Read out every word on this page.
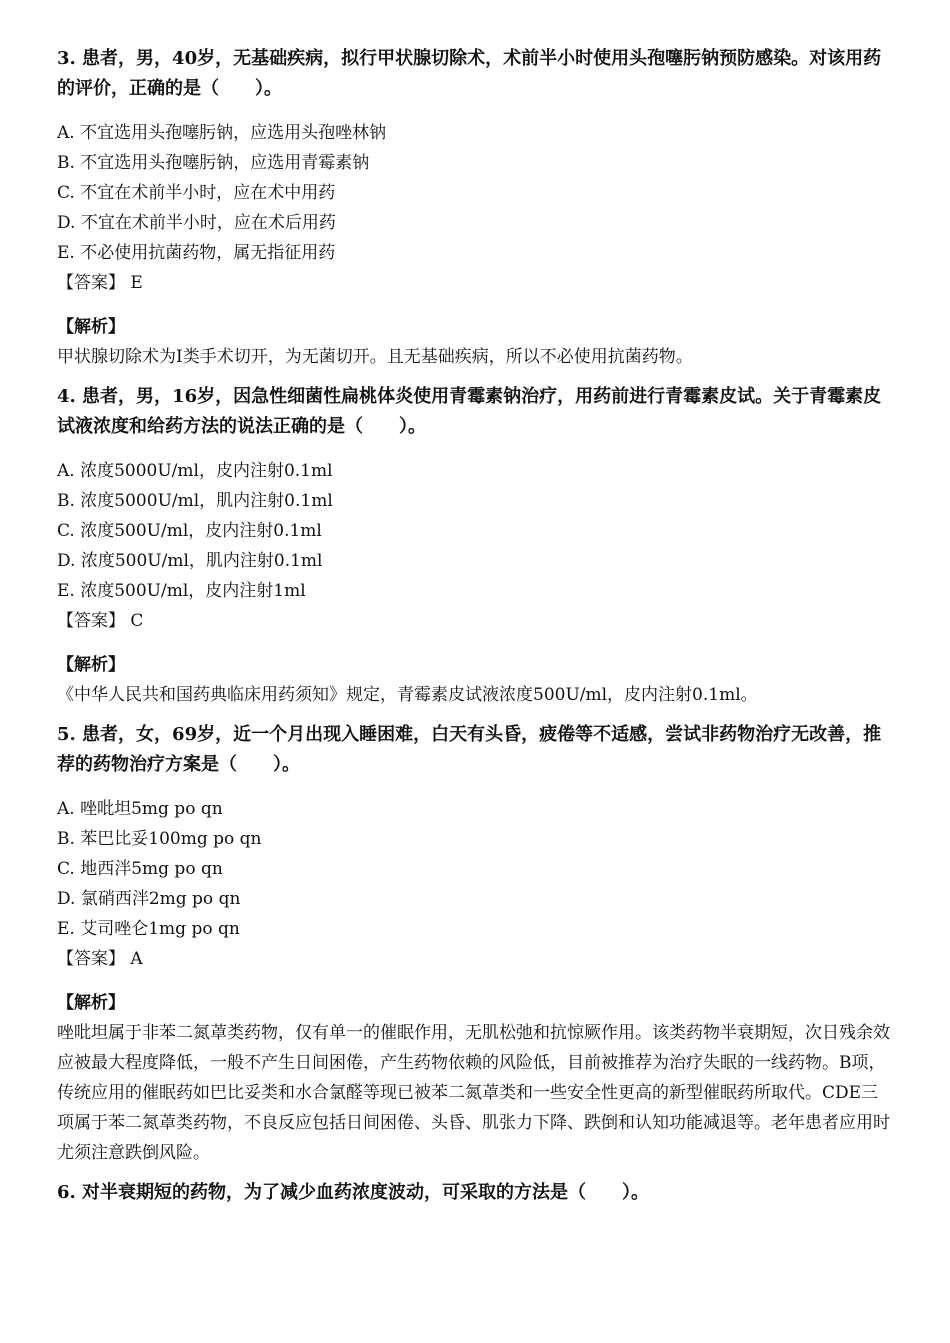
3. 患者，男，40岁，无基础疾病，拟行甲状腺切除术，术前半小时使用头孢噻肟钠预防感染。对该用药的评价，正确的是（　　）。

A. 不宜选用头孢噻肟钠，应选用头孢唑林钠

B. 不宜选用头孢噻肟钠，应选用青霉素钠

C. 不宜在术前半小时，应在术中用药

D. 不宜在术前半小时，应在术后用药

E. 不必使用抗菌药物，属无指征用药

【答案】 E

【解析】

甲状腺切除术为I类手术切开，为无菌切开。且无基础疾病，所以不必使用抗菌药物。

4. 患者，男，16岁，因急性细菌性扁桃体炎使用青霉素钠治疗，用药前进行青霉素皮试。关于青霉素皮试液浓度和给药方法的说法正确的是（　　）。

A. 浓度5000U/ml，皮内注射0.1ml

B. 浓度5000U/ml，肌内注射0.1ml

C. 浓度500U/ml，皮内注射0.1ml

D. 浓度500U/ml，肌内注射0.1ml

E. 浓度500U/ml，皮内注射1ml

【答案】 C

【解析】

《中华人民共和国药典临床用药须知》规定，青霉素皮试液浓度500U/ml，皮内注射0.1ml。

5. 患者，女，69岁，近一个月出现入睡困难，白天有头昏，疲倦等不适感，尝试非药物治疗无改善，推荐的药物治疗方案是（　　）。

A. 唑吡坦5mg po qn

B. 苯巴比妥100mg po qn

C. 地西泮5mg po qn

D. 氯硝西泮2mg po qn

E. 艾司唑仑1mg po qn

【答案】 A

【解析】

唑吡坦属于非苯二氮䓬类药物，仅有单一的催眠作用，无肌松弛和抗惊厥作用。该类药物半衰期短，次日残余效应被最大程度降低，一般不产生日间困倦，产生药物依赖的风险低，目前被推荐为治疗失眠的一线药物。B项，传统应用的催眠药如巴比妥类和水合氯醛等现已被苯二氮䓬类和一些安全性更高的新型催眠药所取代。CDE三项属于苯二氮䓬类药物，不良反应包括日间困倦、头昏、肌张力下降、跌倒和认知功能减退等。老年患者应用时尤须注意跌倒风险。

6. 对半衰期短的药物，为了减少血药浓度波动，可采取的方法是（　　）。
